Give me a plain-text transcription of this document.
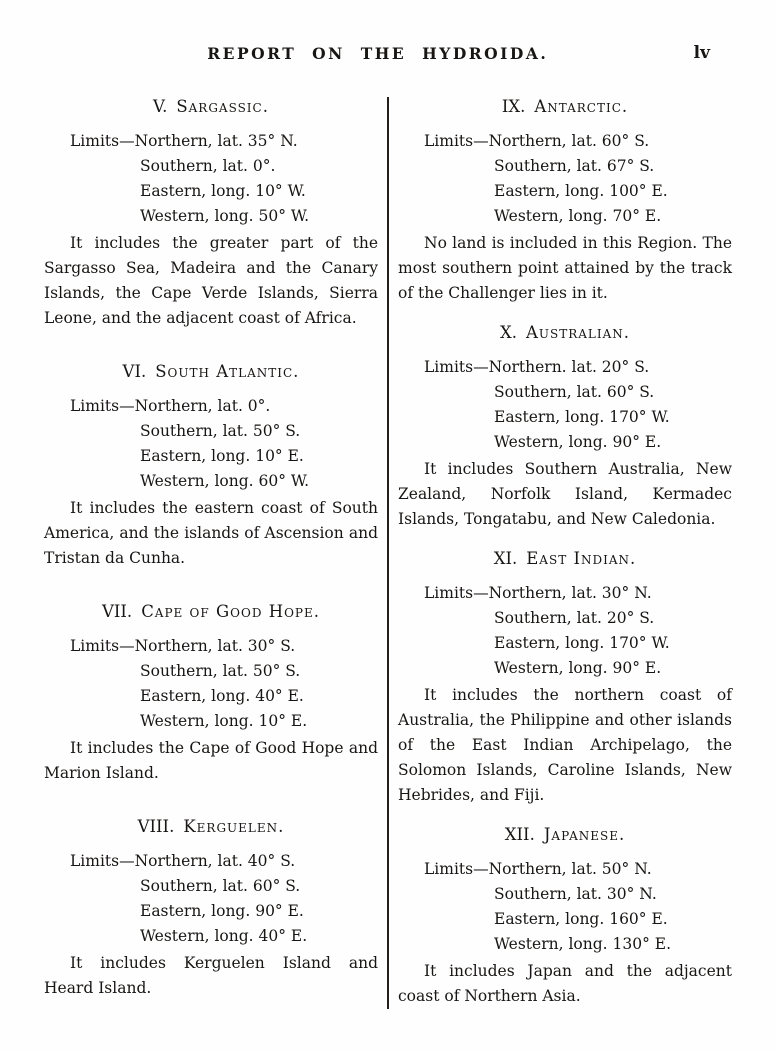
REPORT ON THE HYDROIDA.	lv
V. Sargassic.
Limits—Northern, lat. 35° N.
Southern, lat. 0°.
Eastern, long. 10° W.
Western, long. 50° W.

It includes the greater part of the Sargasso Sea, Madeira and the Canary Islands, the Cape Verde Islands, Sierra Leone, and the adjacent coast of Africa.

VI. South Atlantic.
Limits—Northern, lat. 0°.
Southern, lat. 50° S.
Eastern, long. 10° E.
Western, long. 60° W.

It includes the eastern coast of South America, and the islands of Ascension and Tristan da Cunha.

VII. Cape of Good Hope.
Limits—Northern, lat. 30° S.
Southern, lat. 50° S.
Eastern, long. 40° E.
Western, long. 10° E.

It includes the Cape of Good Hope and Marion Island.

VIII. Kerguelen.
Limits—Northern, lat. 40° S.
Southern, lat. 60° S.
Eastern, long. 90° E.
Western, long. 40° E.

It includes Kerguelen Island and Heard Island.

IX. Antarctic.
Limits—Northern, lat. 60° S.
Southern, lat. 67° S.
Eastern, long. 100° E.
Western, long. 70° E.

No land is included in this Region. The most southern point attained by the track of the Challenger lies in it.

X. Australian.
Limits—Northern. lat. 20° S.
Southern, lat. 60° S.
Eastern, long. 170° W.
Western, long. 90° E.

It includes Southern Australia, New Zealand, Norfolk Island, Kermadec Islands, Tongatabu, and New Caledonia.

XI. East Indian.
Limits—Northern, lat. 30° N.
Southern, lat. 20° S.
Eastern, long. 170° W.
Western, long. 90° E.

It includes the northern coast of Australia, the Philippine and other islands of the East Indian Archipelago, the Solomon Islands, Caroline Islands, New Hebrides, and Fiji.

XII. Japanese.
Limits—Northern, lat. 50° N.
Southern, lat. 30° N.
Eastern, long. 160° E.
Western, long. 130° E.

It includes Japan and the adjacent coast of Northern Asia.
